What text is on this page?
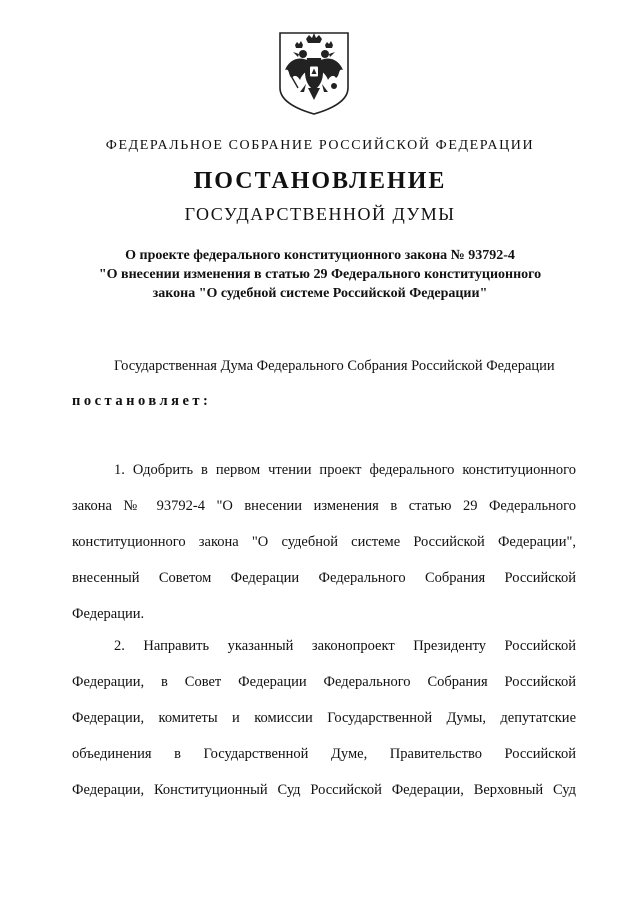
ФЕДЕРАЛЬНОЕ СОБРАНИЕ РОССИЙСКОЙ ФЕДЕРАЦИИ
ПОСТАНОВЛЕНИЕ
ГОСУДАРСТВЕННОЙ ДУМЫ
О проекте федерального конституционного закона № 93792-4
"О внесении изменения в статью 29 Федерального конституционного
закона "О судебной системе Российской Федерации"
Государственная Дума Федерального Собрания Российской Федерации
постановляет:
1. Одобрить в первом чтении проект федерального конституционного
закона № 93792-4 "О внесении изменения в статью 29 Федерального
конституционного закона "О судебной системе Российской Федерации",
внесенный Советом Федерации Федерального Собрания Российской
Федерации.
2. Направить указанный законопроект Президенту Российской
Федерации, в Совет Федерации Федерального Собрания Российской
Федерации, комитеты и комиссии Государственной Думы, депутатские
объединения в Государственной Думе, Правительство Российской
Федерации, Конституционный Суд Российской Федерации, Верховный Суд
